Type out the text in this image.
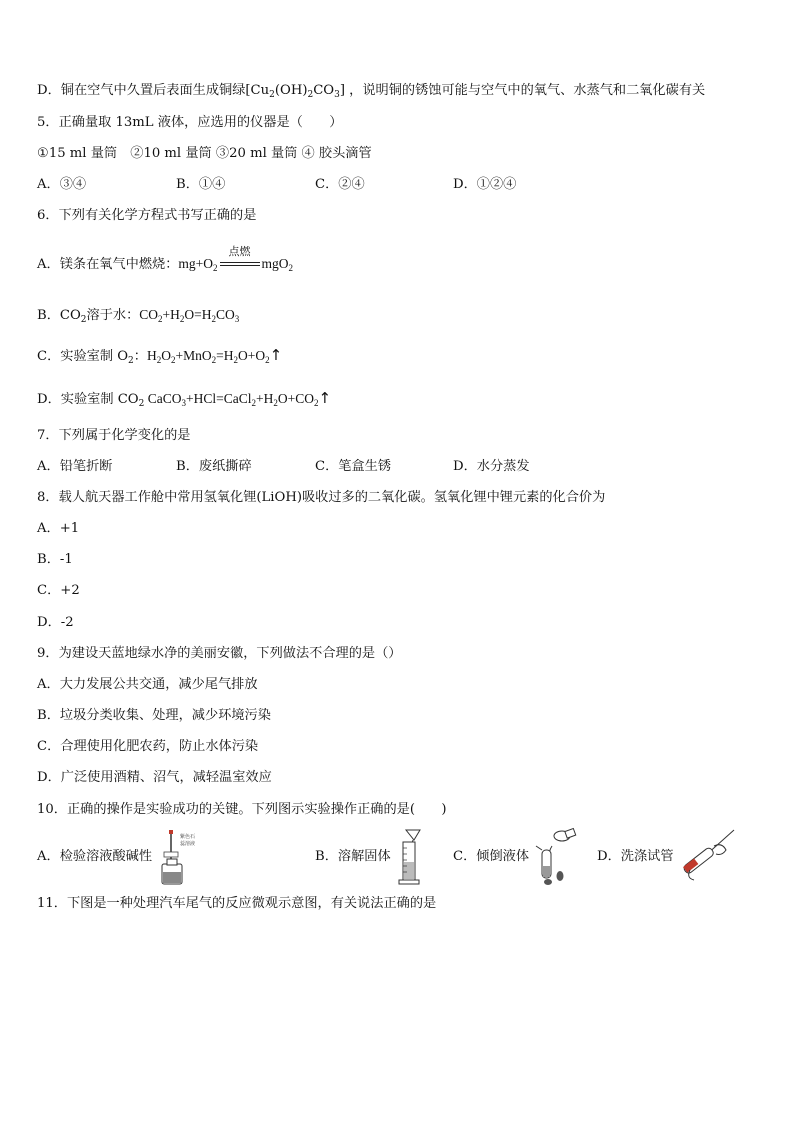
D．铜在空气中久置后表面生成铜绿$[Cu_2(OH)_2CO_3]$ ，说明铜的锈蚀可能与空气中的氧气、水蒸气和二氧化碳有关
5．正确量取 13mL 液体，应选用的仪器是（　　）
①15 ml 量筒　②10 ml 量筒 ③20 ml 量筒 ④ 胶头滴管
A．③④	B．①④	C．②④	D．①②④
6．下列有关化学方程式书写正确的是
A．镁条在氧气中燃烧：$mg+O_2$
点燃
mgO$_2$
B．$CO_2$溶于水：$CO_2+H_2O=H_2CO_3$
C．实验室制 $O_2$：$H_2O_2+MnO_2=H_2O+O_2↑$
D．实验室制 $CO_2$ $CaCO_3+HCl=CaCl_2+H_2O+CO_2↑$
7．下列属于化学变化的是
A．铅笔折断	B．废纸撕碎	C．笔盒生锈	D．水分蒸发
8．载人航天器工作舱中常用氢氧化锂(LiOH)吸收过多的二氧化碳。氢氧化锂中锂元素的化合价为
A．+1
B．-1
C．+2
D．-2
9．为建设天蓝地绿水净的美丽安徽，下列做法不合理的是（）
A．大力发展公共交通，减少尾气排放
B．垃圾分类收集、处理，减少环境污染
C．合理使用化肥农药，防止水体污染
D．广泛使用酒精、沼气，减轻温室效应
10．正确的操作是实验成功的关键。下列图示实验操作正确的是(　　)
A．检验溶液酸碱性
紫色石
蕊溶液
B．溶解固体	C．倾倒液体	D．洗涤试管
11．下图是一种处理汽车尾气的反应微观示意图，有关说法正确的是
